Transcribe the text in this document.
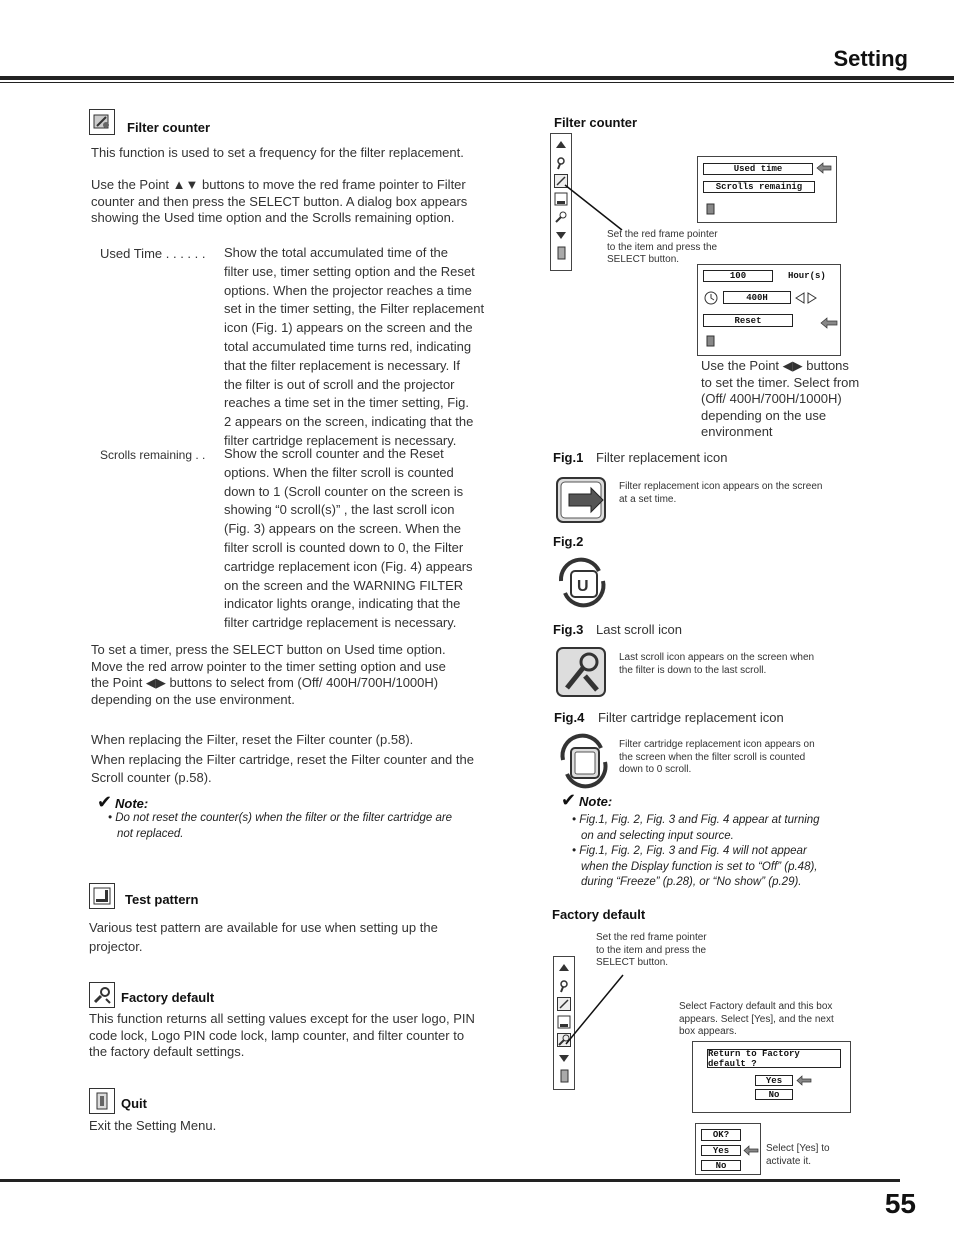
Setting
Filter counter
This function is used to set a frequency for the filter replacement.
Use the Point ▲▼ buttons to move the red frame pointer to Filter
counter and then press the SELECT button. A dialog box appears
showing the Used time option and the Scrolls remaining option.
Used Time . . . . . . Show the total accumulated time of the
filter use, timer setting option and the Reset
options. When the projector reaches a time
set in the timer setting, the Filter replacement
icon (Fig. 1) appears on the screen and the
total accumulated time turns red, indicating
that the filter replacement is necessary. If
the filter is out of scroll and the projector
reaches a time set in the timer setting, Fig.
2 appears on the screen, indicating that the
filter cartridge replacement is necessary.
Scrolls remaining . . Show the scroll counter and the Reset
options. When the filter scroll is counted
down to 1 (Scroll counter on the screen is
showing “0 scroll(s)” , the last scroll icon
(Fig. 3) appears on the screen. When the
filter scroll is counted down to 0, the Filter
cartridge replacement icon (Fig. 4) appears
on the screen and the WARNING FILTER
indicator lights orange, indicating that the
filter cartridge replacement is necessary.
To set a timer, press the SELECT button on Used time option.
Move the red arrow pointer to the timer setting option and use
the Point ◀▶ buttons to select from (Off/ 400H/700H/1000H)
depending on the use environment.
When replacing the Filter, reset the Filter counter (p.58).
When replacing the Filter cartridge, reset the Filter counter and the
Scroll counter (p.58).
✔ Note:
• Do not reset the counter(s) when the filter or the filter cartridge are
not replaced.
Test pattern
Various test pattern are available for use when setting up the
projector.
Factory default
This function returns all setting values except for the user logo, PIN
code lock, Logo PIN code lock, lamp counter, and filter counter to
the factory default settings.
Quit
Exit the Setting Menu.
Filter counter
Set the red frame pointer
to the item and press the
SELECT button.
Used time
Scrolls remainig
100	Hour(s)
400H
Reset
Use the Point ◀▶ buttons
to set the timer. Select from
(Off/ 400H/700H/1000H)
depending on the use
environment
Fig.1 Filter replacement icon
Filter replacement icon appears on the screen
at a set time.
Fig.2
U
Fig.3 Last scroll icon
Last scroll icon appears on the screen when
the filter is down to the last scroll.
Fig.4 Filter cartridge replacement icon
Filter cartridge replacement icon appears on
the screen when the filter scroll is counted
down to 0 scroll.
✔ Note:
• Fig.1, Fig. 2, Fig. 3 and Fig. 4 appear at turning
on and selecting input source.
• Fig.1, Fig. 2, Fig. 3 and Fig. 4 will not appear
when the Display function is set to “Off” (p.48),
during “Freeze” (p.28), or “No show” (p.29).
Factory default
Set the red frame pointer
to the item and press the
SELECT button.
Select Factory default and this box
appears. Select [Yes], and the next
box appears.
Return to Factory default ?
Yes
No
OK?
Yes
No
Select [Yes] to
activate it.
55
